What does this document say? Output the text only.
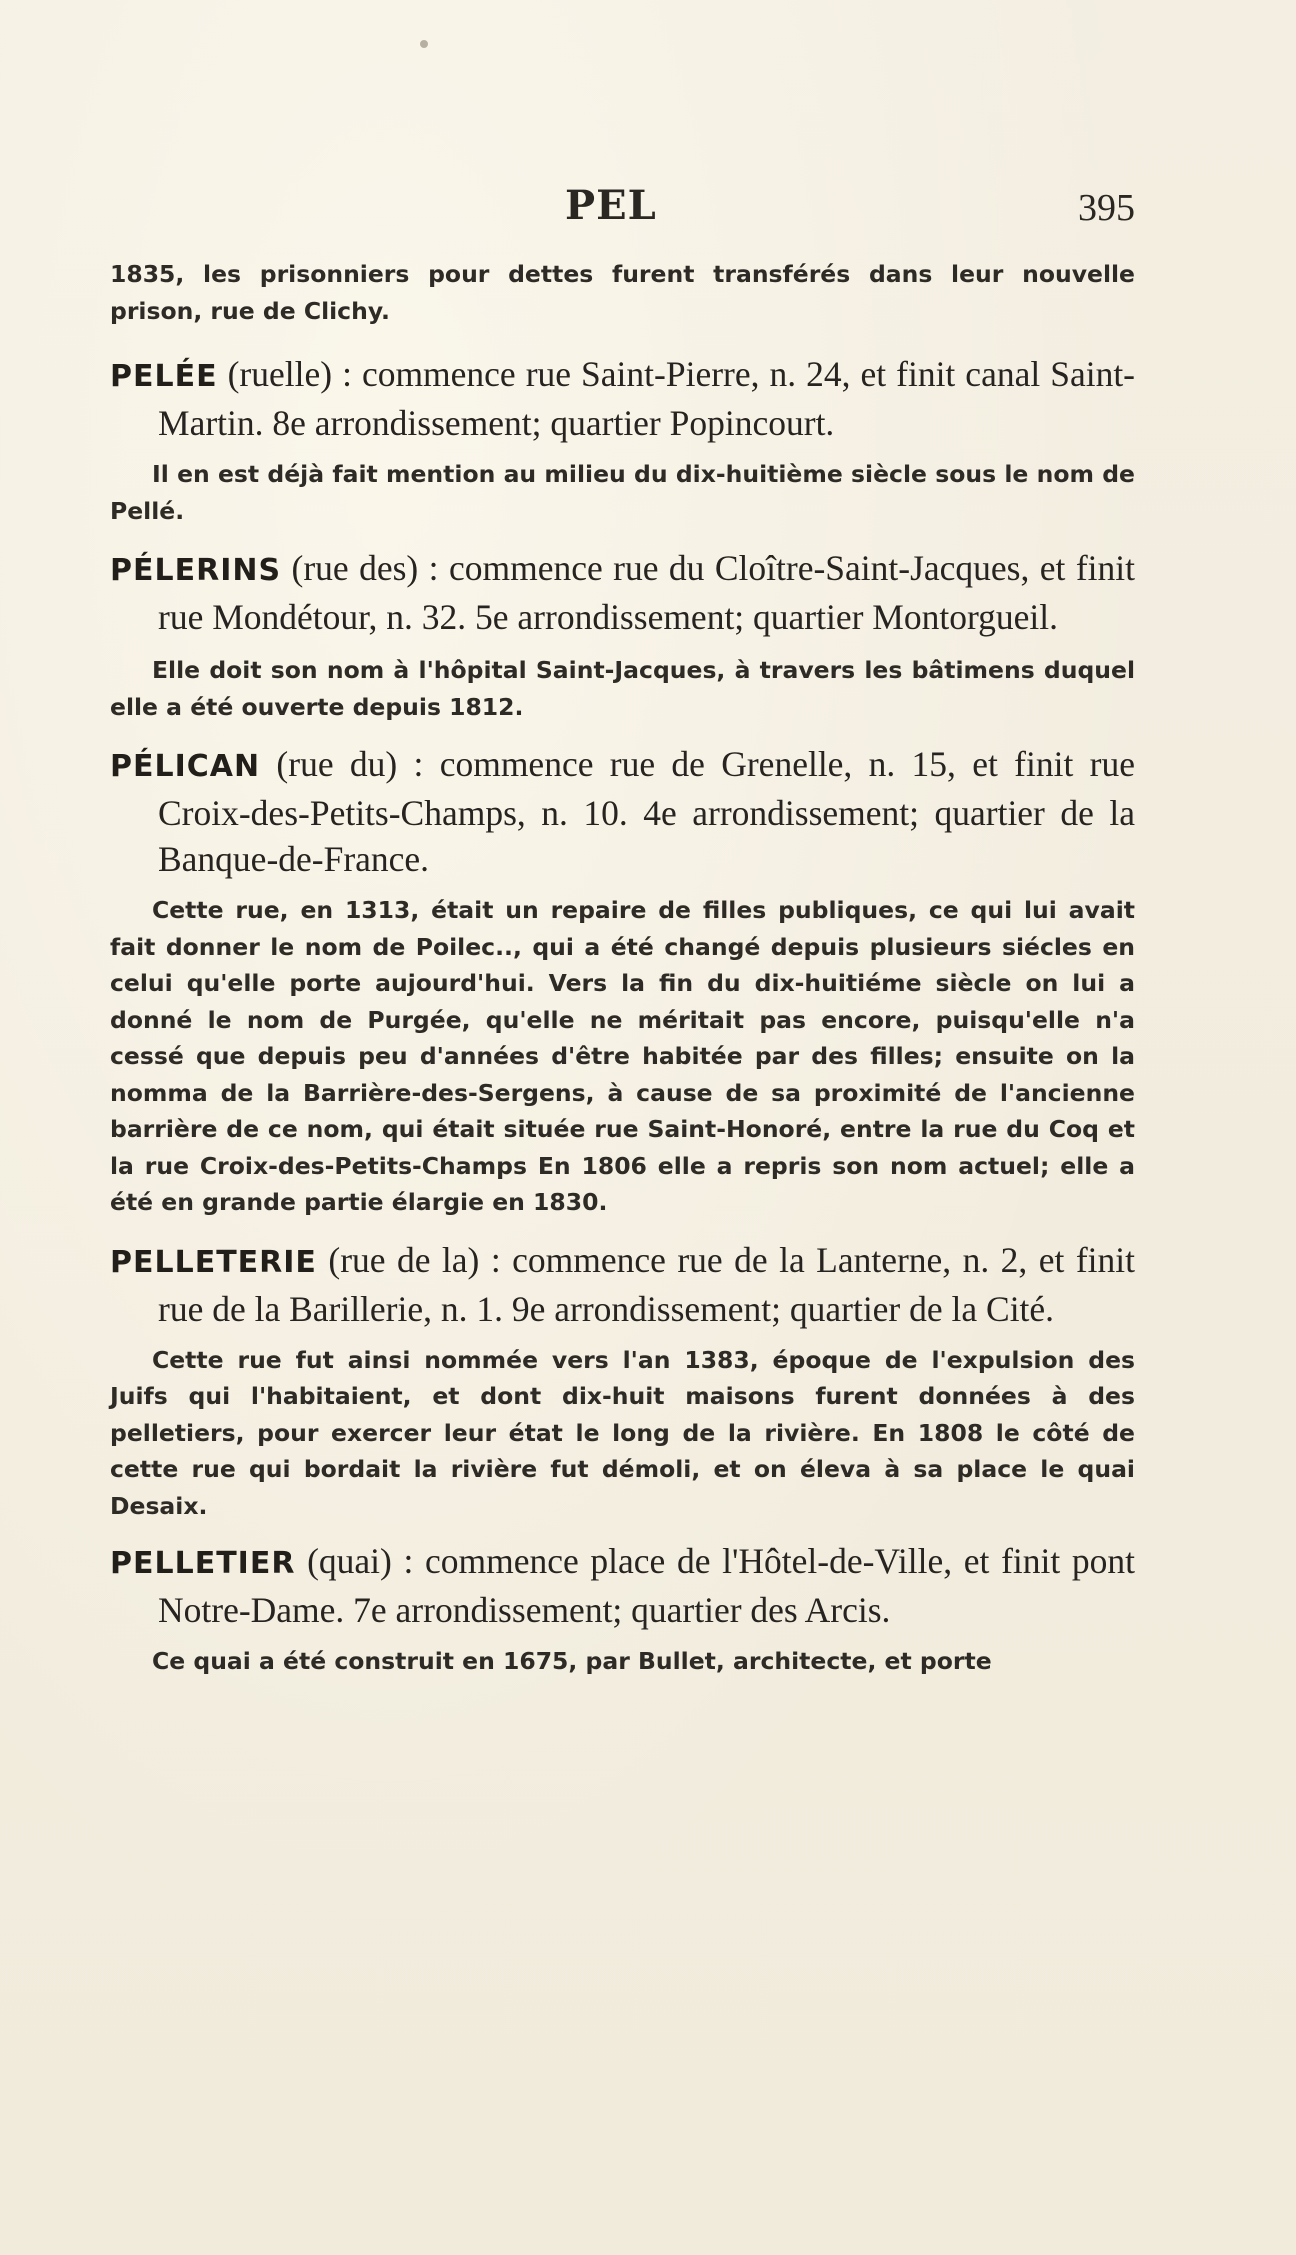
PEL	395

1835, les prisonniers pour dettes furent transférés dans leur nouvelle prison, rue de Clichy.

PELÉE (ruelle) : commence rue Saint-Pierre, n. 24, et finit canal Saint-Martin. 8e arrondissement; quartier Popincourt.

Il en est déjà fait mention au milieu du dix-huitième siècle sous le nom de Pellé.

PÉLERINS (rue des) : commence rue du Cloître-Saint-Jacques, et finit rue Mondétour, n. 32. 5e arrondissement; quartier Montorgueil.

Elle doit son nom à l'hôpital Saint-Jacques, à travers les bâtimens duquel elle a été ouverte depuis 1812.

PÉLICAN (rue du) : commence rue de Grenelle, n. 15, et finit rue Croix-des-Petits-Champs, n. 10. 4e arrondissement; quartier de la Banque-de-France.

Cette rue, en 1313, était un repaire de filles publiques, ce qui lui avait fait donner le nom de Poilec.., qui a été changé depuis plusieurs siécles en celui qu'elle porte aujourd'hui. Vers la fin du dix-huitiéme siècle on lui a donné le nom de Purgée, qu'elle ne méritait pas encore, puisqu'elle n'a cessé que depuis peu d'années d'être habitée par des filles; ensuite on la nomma de la Barrière-des-Sergens, à cause de sa proximité de l'ancienne barrière de ce nom, qui était située rue Saint-Honoré, entre la rue du Coq et la rue Croix-des-Petits-Champs En 1806 elle a repris son nom actuel; elle a été en grande partie élargie en 1830.

PELLETERIE (rue de la) : commence rue de la Lanterne, n. 2, et finit rue de la Barillerie, n. 1. 9e arrondissement; quartier de la Cité.

Cette rue fut ainsi nommée vers l'an 1383, époque de l'expulsion des Juifs qui l'habitaient, et dont dix-huit maisons furent données à des pelletiers, pour exercer leur état le long de la rivière. En 1808 le côté de cette rue qui bordait la rivière fut démoli, et on éleva à sa place le quai Desaix.

PELLETIER (quai) : commence place de l'Hôtel-de-Ville, et finit pont Notre-Dame. 7e arrondissement; quartier des Arcis.

Ce quai a été construit en 1675, par Bullet, architecte, et porte
